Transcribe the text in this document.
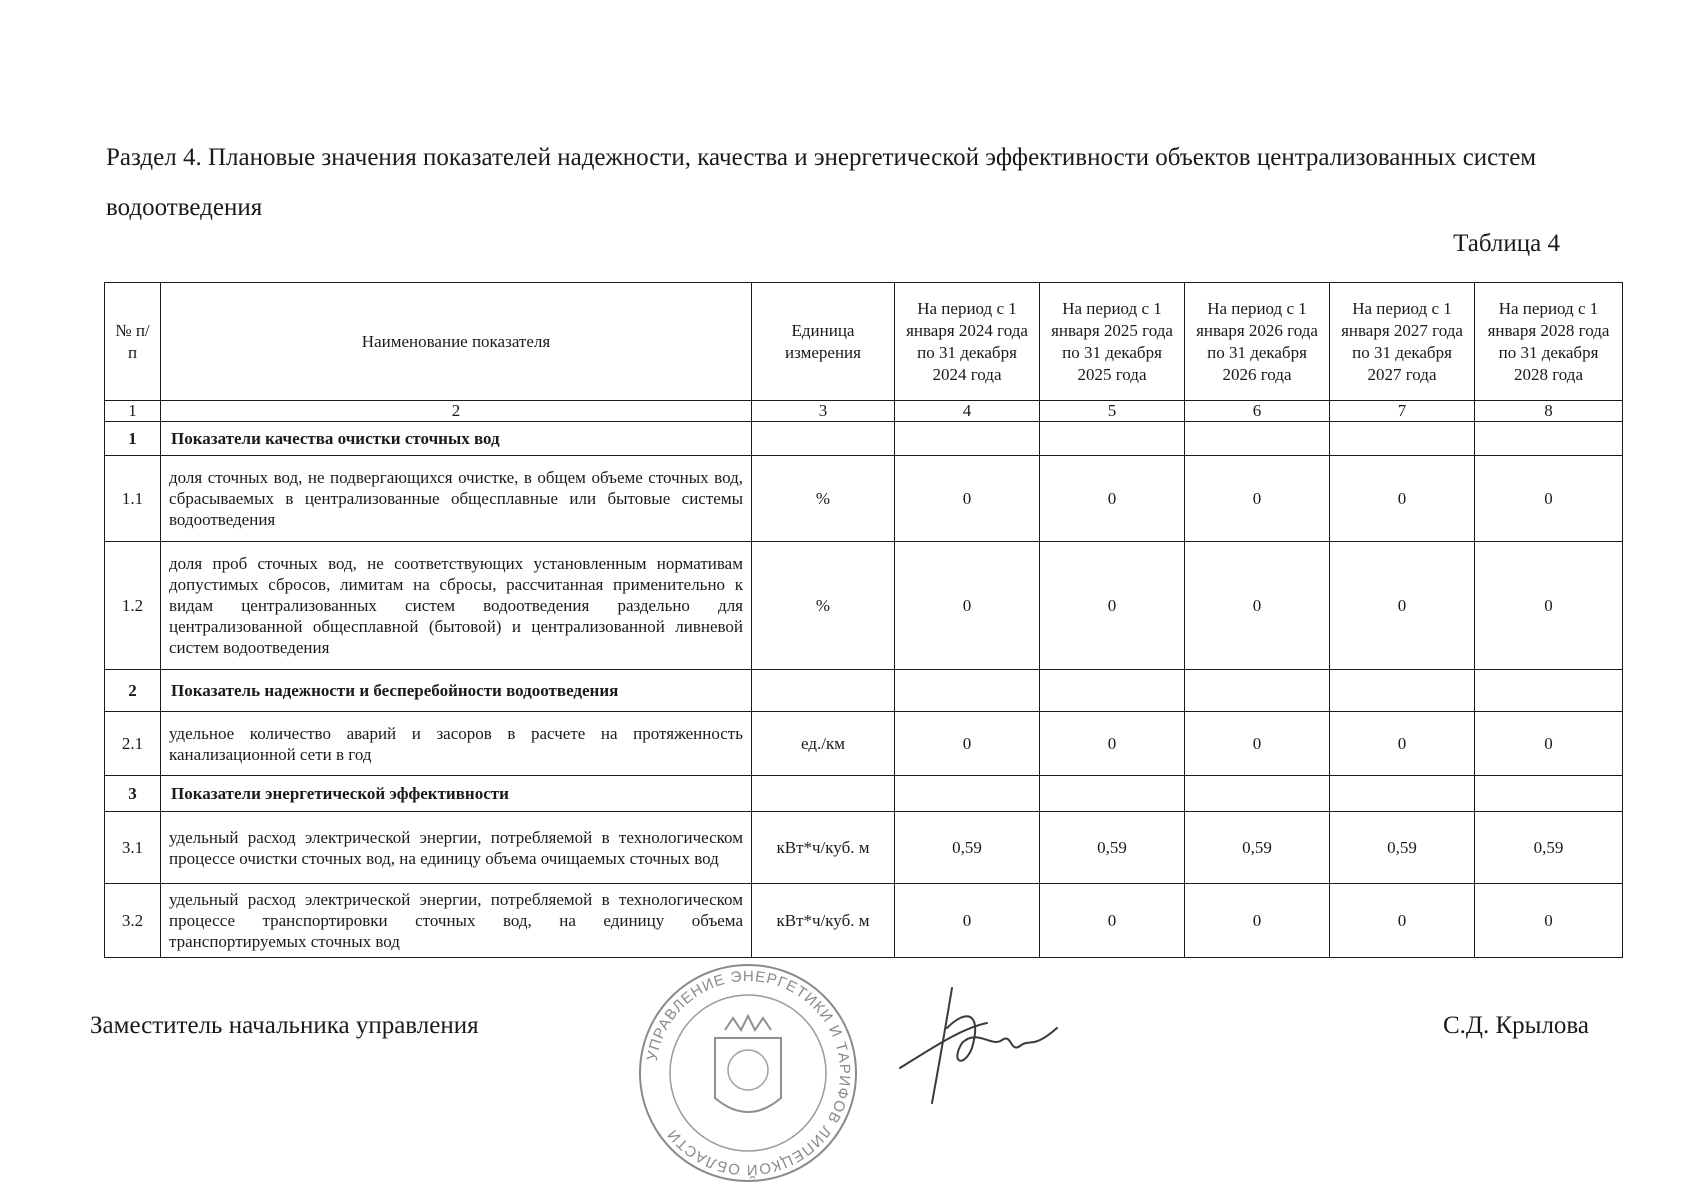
Раздел 4. Плановые значения показателей надежности, качества и энергетической эффективности объектов централизованных систем водоотведения

Таблица 4
№ п/п	Наименование показателя	Единица измерения	На период с 1 января 2024 года по 31 декабря 2024 года	На период с 1 января 2025 года по 31 декабря 2025 года	На период с 1 января 2026 года по 31 декабря 2026 года	На период с 1 января 2027 года по 31 декабря 2027 года	На период с 1 января 2028 года по 31 декабря 2028 года
1	2	3	4	5	6	7	8
1	Показатели качества очистки сточных вод						
1.1	доля сточных вод, не подвергающихся очистке, в общем объеме сточных вод, сбрасываемых в централизованные общесплавные или бытовые системы водоотведения	%	0	0	0	0	0
1.2	доля проб сточных вод, не соответствующих установленным нормативам допустимых сбросов, лимитам на сбросы, рассчитанная применительно к видам централизованных систем водоотведения раздельно для централизованной общесплавной (бытовой) и централизованной ливневой систем водоотведения	%	0	0	0	0	0
2	Показатель надежности и бесперебойности водоотведения						
2.1	удельное количество аварий и засоров в расчете на протяженность канализационной сети в год	ед./км	0	0	0	0	0
3	Показатели энергетической эффективности						
3.1	удельный расход электрической энергии, потребляемой в технологическом процессе очистки сточных вод, на единицу объема очищаемых сточных вод	кВт*ч/куб. м	0,59	0,59	0,59	0,59	0,59
3.2	удельный расход электрической энергии, потребляемой в технологическом процессе транспортировки сточных вод, на единицу объема транспортируемых сточных вод	кВт*ч/куб. м	0	0	0	0	0
Заместитель начальника управления
УПРАВЛЕНИЕ ЭНЕРГЕТИКИ И ТАРИФОВ ЛИПЕЦКОЙ ОБЛАСТИ
С.Д. Крылова
